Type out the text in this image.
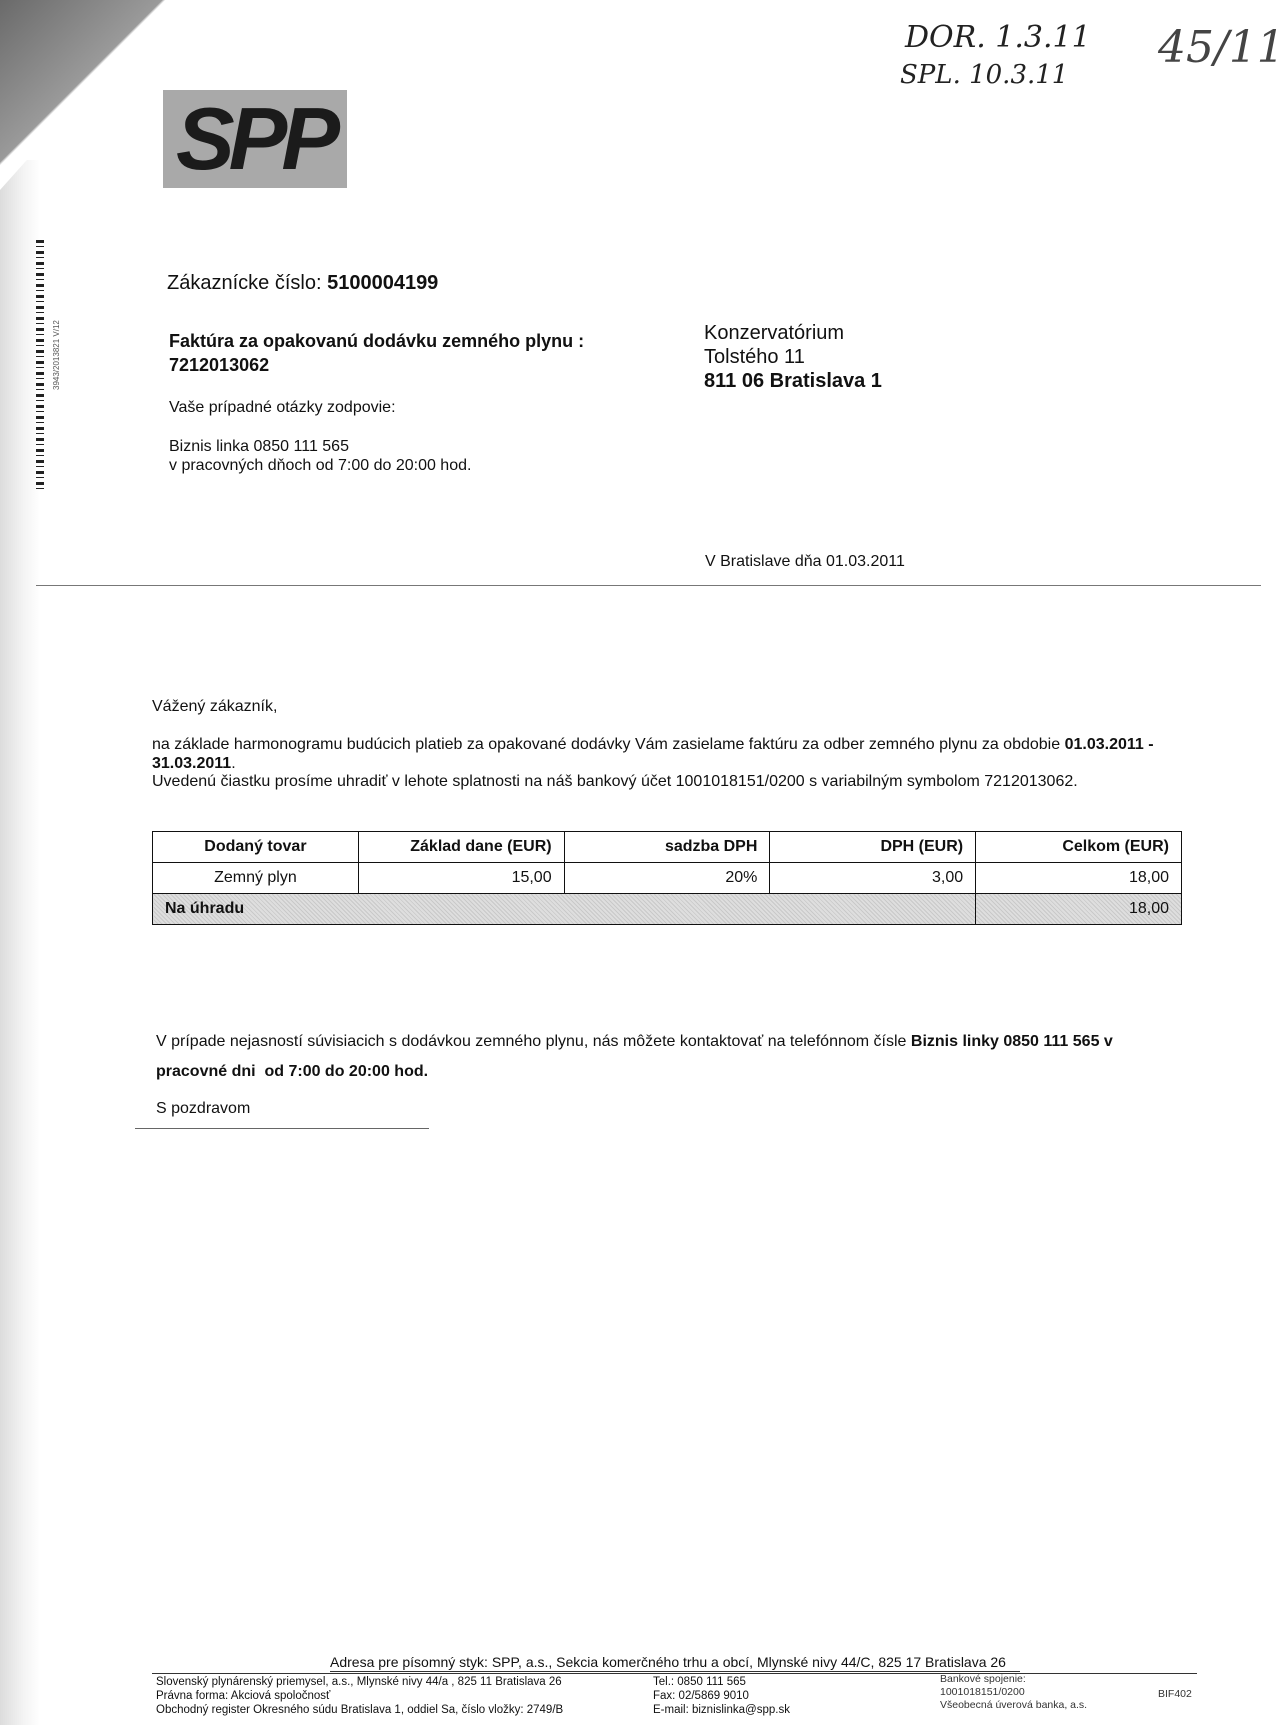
DOR. 1.3.11
SPL. 10.3.11
45/11
SPP
3943/2013821 V/12
Zákaznícke číslo: 5100004199
Faktúra za opakovanú dodávku zemného plynu :
7212013062
Vaše prípadné otázky zodpovie:
Biznis linka 0850 111 565
v pracovných dňoch od 7:00 do 20:00 hod.
Konzervatórium
Tolstého 11
811 06 Bratislava 1
V Bratislave dňa 01.03.2011
Vážený zákazník,
na základe harmonogramu budúcich platieb za opakované dodávky Vám zasielame faktúru za odber zemného plynu za obdobie 01.03.2011 -
31.03.2011.
Uvedenú čiastku prosíme uhradiť v lehote splatnosti na náš bankový účet 1001018151/0200 s variabilným symbolom 7212013062.
Dodaný tovar	Základ dane (EUR)	sadzba DPH	DPH (EUR)	Celkom (EUR)
Zemný plyn	15,00	20%	3,00	18,00
Na úhradu				18,00
V prípade nejasností súvisiacich s dodávkou zemného plynu, nás môžete kontaktovať na telefónnom čísle Biznis linky 0850 111 565 v
pracovné dni od 7:00 do 20:00 hod.
S pozdravom
Adresa pre písomný styk: SPP, a.s., Sekcia komerčného trhu a obcí, Mlynské nivy 44/C, 825 17 Bratislava 26
Slovenský plynárenský priemysel, a.s., Mlynské nivy 44/a , 825 11 Bratislava 26
Právna forma: Akciová spoločnosť
Obchodný register Okresného súdu Bratislava 1, oddiel Sa, číslo vložky: 2749/B
Tel.: 0850 111 565
Fax: 02/5869 9010
E-mail: biznislinka@spp.sk
Bankové spojenie:
1001018151/0200
Všeobecná úverová banka, a.s.
BIF402
